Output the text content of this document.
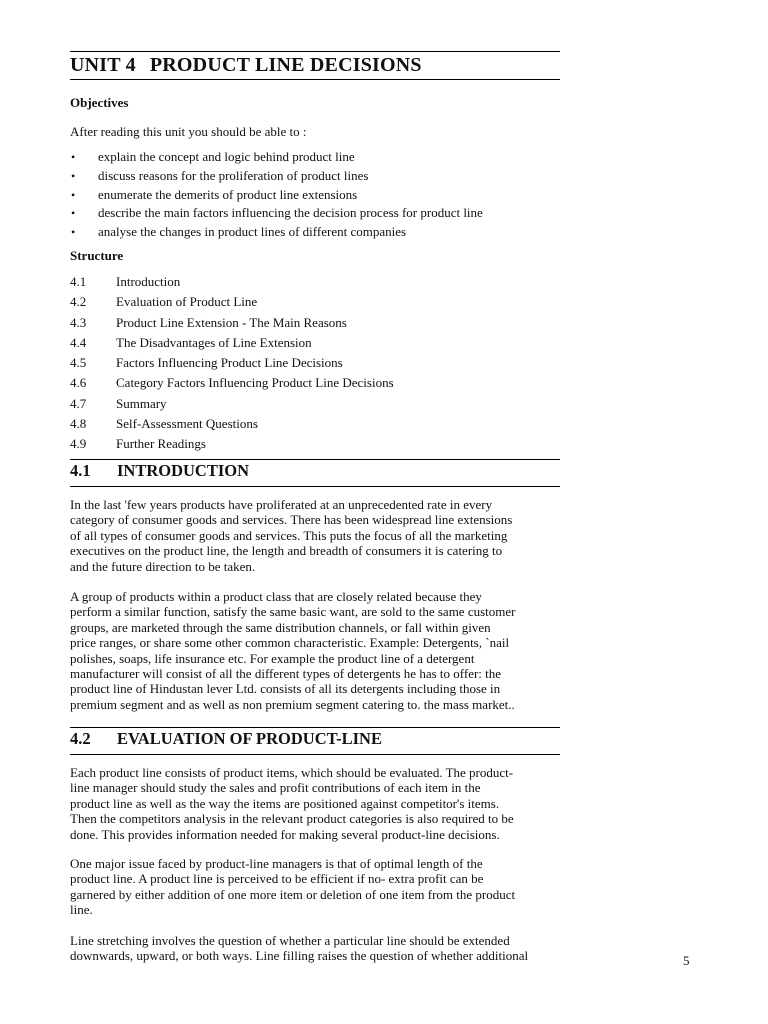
UNIT 4 PRODUCT LINE DECISIONS
Objectives
After reading this unit you should be able to :
• explain the concept and logic behind product line
• discuss reasons for the proliferation of product lines
• enumerate the demerits of product line extensions
• describe the main factors influencing the decision process for product line
• analyse the changes in product lines of different companies
Structure
4.1 Introduction
4.2 Evaluation of Product Line
4.3 Product Line Extension - The Main Reasons
4.4 The Disadvantages of Line Extension
4.5 Factors Influencing Product Line Decisions
4.6 Category Factors Influencing Product Line Decisions
4.7 Summary
4.8 Self-Assessment Questions
4.9 Further Readings
4.1 INTRODUCTION
In the last 'few years products have proliferated at an unprecedented rate in every
category of consumer goods and services. There has been widespread line extensions
of all types of consumer goods and services. This puts the focus of all the marketing
executives on the product line, the length and breadth of consumers it is catering to
and the future direction to be taken.
A group of products within a product class that are closely related because they
perform a similar function, satisfy the same basic want, are sold to the same customer
groups, are marketed through the same distribution channels, or fall within given
price ranges, or share some other common characteristic. Example: Detergents, `nail
polishes, soaps, life insurance etc. For example the product line of a detergent
manufacturer will consist of all the different types of detergents he has to offer: the
product line of Hindustan lever Ltd. consists of all its detergents including those in
premium segment and as well as non premium segment catering to. the mass market..
4.2 EVALUATION OF PRODUCT-LINE
Each product line consists of product items, which should be evaluated. The product-
line manager should study the sales and profit contributions of each item in the
product line as well as the way the items are positioned against competitor's items.
Then the competitors analysis in the relevant product categories is also required to be
done. This provides information needed for making several product-line decisions.
One major issue faced by product-line managers is that of optimal length of the
product line. A product line is perceived to be efficient if no- extra profit can be
garnered by either addition of one more item or deletion of one item from the product
line.
Line stretching involves the question of whether a particular line should be extended
downwards, upward, or both ways. Line filling raises the question of whether additional	5
